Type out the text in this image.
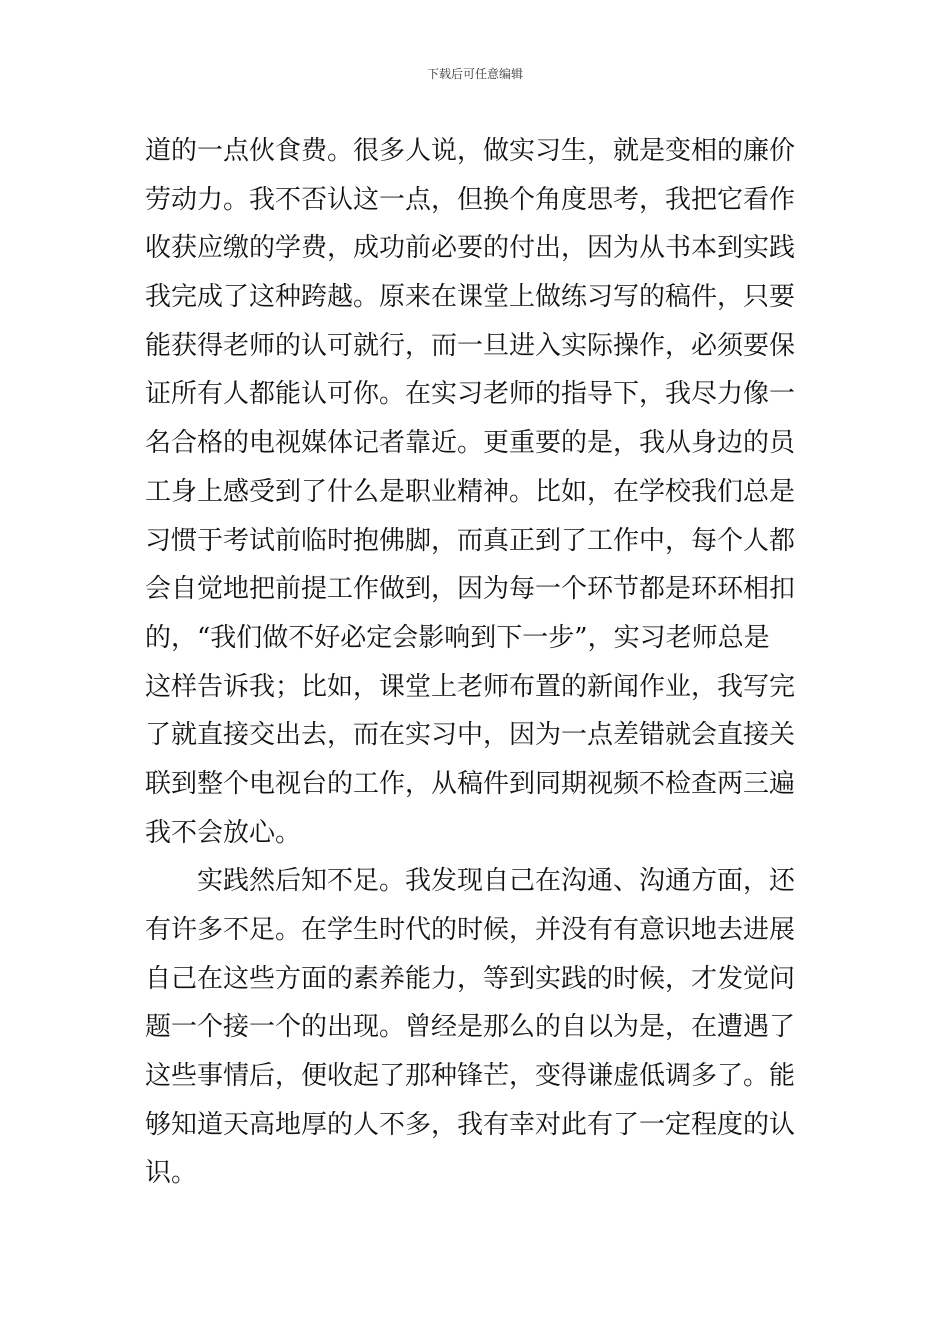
下载后可任意编辑
道的一点伙食费。很多人说，做实习生，就是变相的廉价
劳动力。我不否认这一点，但换个角度思考，我把它看作
收获应缴的学费，成功前必要的付出，因为从书本到实践
我完成了这种跨越。原来在课堂上做练习写的稿件，只要
能获得老师的认可就行，而一旦进入实际操作，必须要保
证所有人都能认可你。在实习老师的指导下，我尽力像一
名合格的电视媒体记者靠近。更重要的是，我从身边的员
工身上感受到了什么是职业精神。比如，在学校我们总是
习惯于考试前临时抱佛脚，而真正到了工作中，每个人都
会自觉地把前提工作做到，因为每一个环节都是环环相扣
的，“我们做不好必定会影响到下一步”，实习老师总是
这样告诉我；比如，课堂上老师布置的新闻作业，我写完
了就直接交出去，而在实习中，因为一点差错就会直接关
联到整个电视台的工作，从稿件到同期视频不检查两三遍
我不会放心。
实践然后知不足。我发现自己在沟通、沟通方面，还
有许多不足。在学生时代的时候，并没有有意识地去进展
自己在这些方面的素养能力，等到实践的时候，才发觉问
题一个接一个的出现。曾经是那么的自以为是，在遭遇了
这些事情后，便收起了那种锋芒，变得谦虚低调多了。能
够知道天高地厚的人不多，我有幸对此有了一定程度的认
识。
